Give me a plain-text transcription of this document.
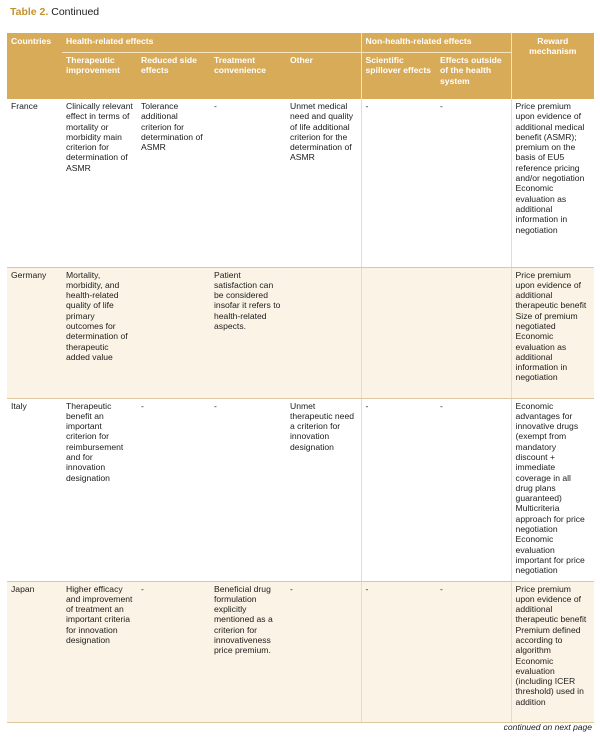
Table 2. Continued
Countries	Health-related effects				Non-health-related effects		Reward mechanism
	Therapeutic improvement	Reduced side effects	Treatment convenience	Other	Scientific spillover effects	Effects outside of the health system	
France	Clinically relevant effect in terms of mortality or morbidity main criterion for determination of ASMR	Tolerance additional criterion for determination of ASMR	-	Unmet medical need and quality of life additional criterion for the determination of ASMR	-	-	Price premium upon evidence of additional medical benefit (ASMR); premium on the basis of EU5 reference pricing and/or negotiation Economic evaluation as additional information in negotiation
Germany	Mortality, morbidity, and health-related quality of life primary outcomes for determination of therapeutic added value		Patient satisfaction can be considered insofar it refers to health-related aspects.				Price premium upon evidence of additional therapeutic benefit Size of premium negotiated Economic evaluation as additional information in negotiation
Italy	Therapeutic benefit an important criterion for reimbursement and for innovation designation	-	-	Unmet therapeutic need a criterion for innovation designation	-	-	Economic advantages for innovative drugs (exempt from mandatory discount + immediate coverage in all drug plans guaranteed) Multicriteria approach for price negotiation Economic evaluation important for price negotiation
Japan	Higher efficacy and improvement of treatment an important criteria for innovation designation	-	Beneficial drug formulation explicitly mentioned as a criterion for innovativeness price premium.	-	-	-	Price premium upon evidence of additional therapeutic benefit Premium defined according to algorithm Economic evaluation (including ICER threshold) used in addition
continued on next page
